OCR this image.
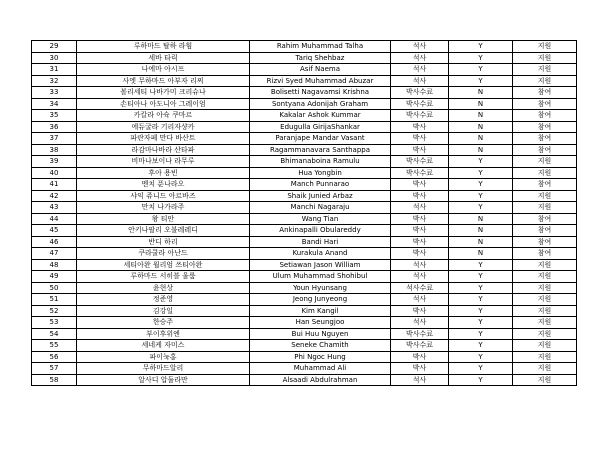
29	루하마드 탈하 라힘	Rahim Muhammad Talha	석사	Y	지원
30	세바 타릭	Tariq Shehbaz	석사	Y	지원
31	나에마 아시프	Asif Naema	석사	Y	지원
32	사엣 무하마드 아부자 리찌	Rizvi Syed Muhammad Abuzar	석사	Y	지원
33	볼리세티 나바가미 크리슈나	Bolisetti Nagavamsi Krishna	박사수료	N	참여
34	손티아나 아도니아 그레이엄	Sontyana Adonijah Graham	박사수료	N	참여
35	카칼라 아슉 쿠마르	Kakalar Ashok Kummar	박사수료	N	참여
36	에듀굴라 기리자샹카	Edugulla GirijaShankar	박사	N	참여
37	파란자페 만다 바산트	Paranjape Mandar Vasant	박사	N	참여
38	라감마나바라 산타파	Ragammanavara Santhappa	박사	N	참여
39	비마나보이나 라무루	Bhimanaboina Ramulu	박사수료	Y	지원
40	후아 용빈	Hua Yongbin	박사수료	Y	지원
41	멘치 푼나라오	Manch Punnarao	박사	Y	참여
42	샤익 쥬니드 아르바즈	Shaik Junied Arbaz	박사	Y	지원
43	만치 나가라주	Manchi Nagaraju	석사	Y	지원
44	왕 티안	Wang Tian	박사	N	참여
45	안키나팔리 오불레레디	Ankinapalli Obulareddy	박사	N	참여
46	반디 하리	Bandi Hari	박사	N	참여
47	쿠라쿨라 아난드	Kurakula Anand	박사	N	참여
48	세티아완 윌리엄 쓰티아완	Setiawan Jason William	석사	Y	지원
49	루하마드 서히블 울룸	Ulum Muhammad Shohibul	석사	Y	지원
50	윤현상	Youn Hyunsang	석사수료	Y	지원
51	정준영	Jeong Junyeong	석사	Y	지원
52	김강일	Kim Kangil	박사	Y	지원
53	한승주	Han Seungjoo	석사	Y	지원
54	부이후위엔	Bui Huu Nguyen	박사수료	Y	지원
55	세네케 자미스	Seneke Chamith	박사수료	Y	지원
56	파이눅홍	Phi Ngoc Hung	박사	Y	지원
57	무하마드알리	Muhammad Ali	박사	Y	지원
58	알사디 압둘라만	Alsaadi Abdulrahman	석사	Y	지원
